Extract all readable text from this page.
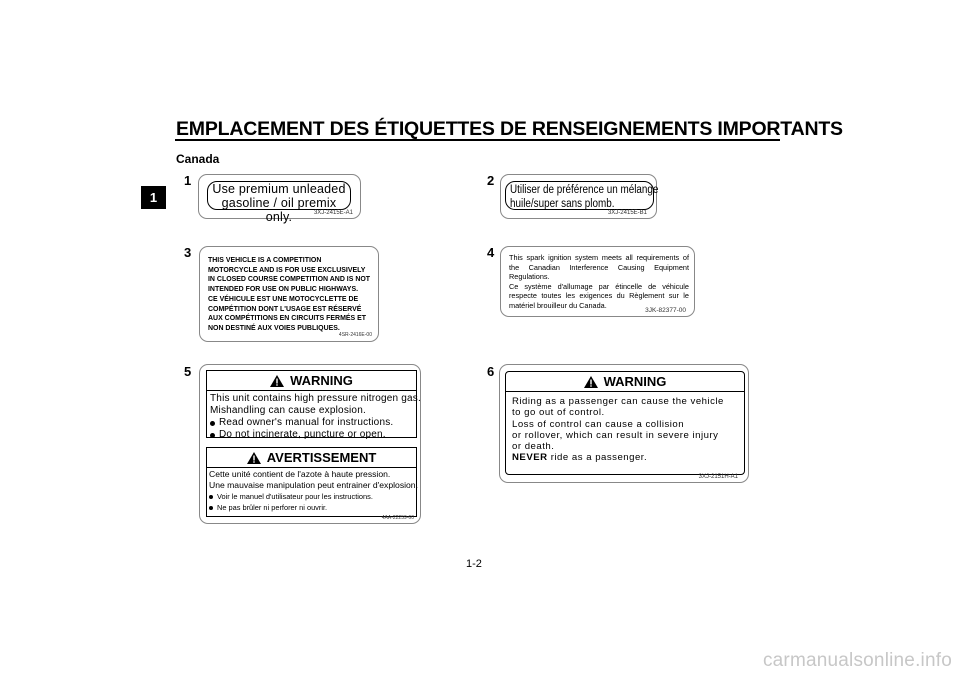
EMPLACEMENT DES ÉTIQUETTES DE RENSEIGNEMENTS IMPORTANTS
Canada
1
1
Use premium unleaded
gasoline / oil premix only.	3XJ-2415E-A1
2
Utiliser de préférence un mélange
huile/super sans plomb.
3XJ-2415E-B1
3 THIS VEHICLE IS A COMPETITION
MOTORCYCLE AND IS FOR USE EXCLUSIVELY
IN CLOSED COURSE COMPETITION AND IS NOT
INTENDED FOR USE ON PUBLIC HIGHWAYS.
CE VÉHICULE EST UNE MOTOCYCLETTE DE
COMPÉTITION DONT L'USAGE EST RÉSERVÉ
AUX COMPÉTITIONS EN CIRCUITS FERMÉS ET
NON DESTINÉ AUX VOIES PUBLIQUES.
4SR-2416E-00
4 This spark ignition system meets all requirements of the Canadian Interference Causing Equipment Regulations.
Ce système d'allumage par étincelle de véhicule respecte toutes les exigences du Règlement sur le matériel brouilleur du Canada.
3JK-82377-00
5
WARNING
This unit contains high pressure nitrogen gas.
Mishandling can cause explosion.
Read owner's manual for instructions.
Do not incinerate, puncture or open.
AVERTISSEMENT
Cette unité contient de l'azote à haute pression.
Une mauvaise manipulation peut entrainer d'explosion.
Voir le manuel d'utilisateur pour les instructions.
Ne pas brûler ni perforer ni ouvrir.
4AA-22259-60
6
WARNING
Riding as a passenger can cause the vehicle
to go out of control.
Loss of control can cause a collision
or rollover, which can result in severe injury
or death.
NEVER ride as a passenger.
3XJ-2151H-A1
1-2
carmanualsonline.info
